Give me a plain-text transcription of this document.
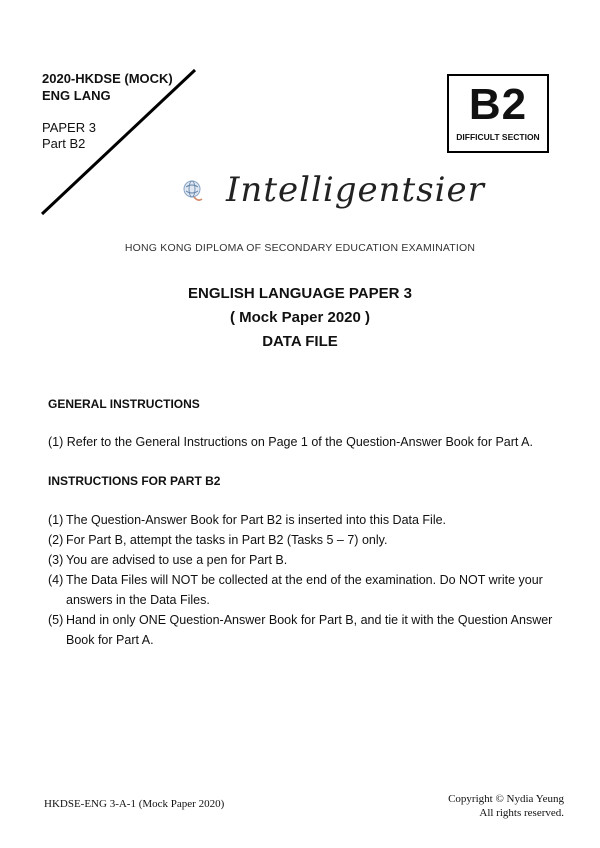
2020-HKDSE (MOCK)
ENG LANG
PAPER 3
Part B2
B2
DIFFICULT SECTION
Intelligentsier
HONG KONG DIPLOMA OF SECONDARY EDUCATION EXAMINATION
ENGLISH LANGUAGE PAPER 3
( Mock Paper 2020 )
DATA FILE
GENERAL INSTRUCTIONS
(1) Refer to the General Instructions on Page 1 of the Question-Answer Book for Part A.
INSTRUCTIONS FOR PART B2
(1) The Question-Answer Book for Part B2 is inserted into this Data File.
(2) For Part B, attempt the tasks in Part B2 (Tasks 5 – 7) only.
(3) You are advised to use a pen for Part B.
(4) The Data Files will NOT be collected at the end of the examination. Do NOT write your answers in the Data Files.
(5) Hand in only ONE Question-Answer Book for Part B, and tie it with the Question Answer Book for Part A.
HKDSE-ENG 3-A-1 (Mock Paper 2020)	Copyright © Nydia Yeung
All rights reserved.
